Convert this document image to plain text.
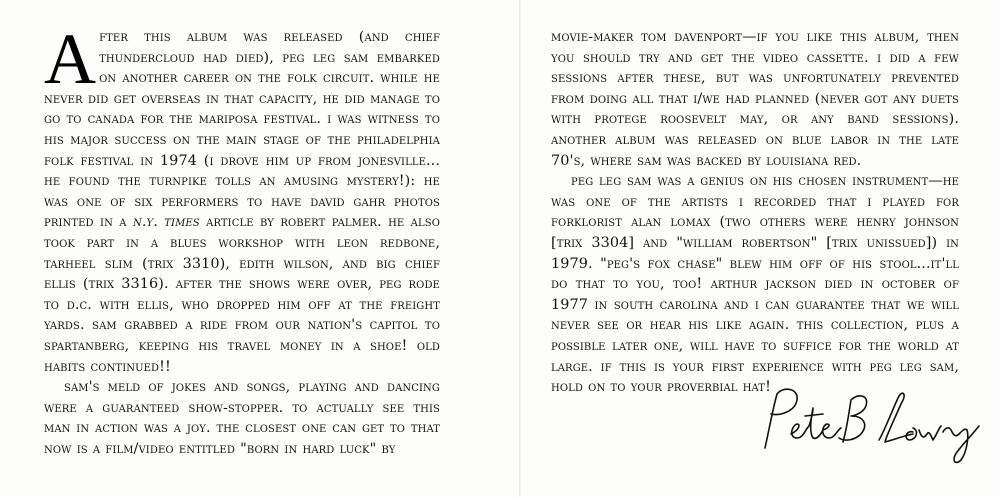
After this album was released (and chief thundercloud had died), peg leg sam embarked on another career on the folk circuit. while he never did get overseas in that capacity, he did manage to go to canada for the mariposa festival. i was witness to his major success on the main stage of the philadelphia folk festival in 1974 (i drove him up from jonesville... he found the turnpike tolls an amusing mystery!): he was one of six performers to have david gahr photos printed in a n.y. times article by robert palmer. he also took part in a blues workshop with leon redbone, tarheel slim (trix 3310), edith wilson, and big chief ellis (trix 3316). after the shows were over, peg rode to d.c. with ellis, who dropped him off at the freight yards. sam grabbed a ride from our nation's capitol to spartanberg, keeping his travel money in a shoe! old habits continued!!

sam's meld of jokes and songs, playing and dancing were a guaranteed show-stopper. to actually see this man in action was a joy. the closest one can get to that now is a film/video entitled "born in hard luck" by

movie-maker tom davenport—if you like this album, then you should try and get the video cassette. i did a few sessions after these, but was unfortunately prevented from doing all that i/we had planned (never got any duets with protege roosevelt may, or any band sessions). another album was released on blue labor in the late 70's, where sam was backed by louisiana red.

peg leg sam was a genius on his chosen instrument—he was one of the artists i recorded that i played for forklorist alan lomax (two others were henry johnson [trix 3304] and "william robertson" [trix unissued]) in 1979. "peg's fox chase" blew him off of his stool...it'll do that to you, too! arthur jackson died in october of 1977 in south carolina and i can guarantee that we will never see or hear his like again. this collection, plus a possible later one, will have to suffice for the world at large. if this is your first experience with peg leg sam, hold on to your proverbial hat!
